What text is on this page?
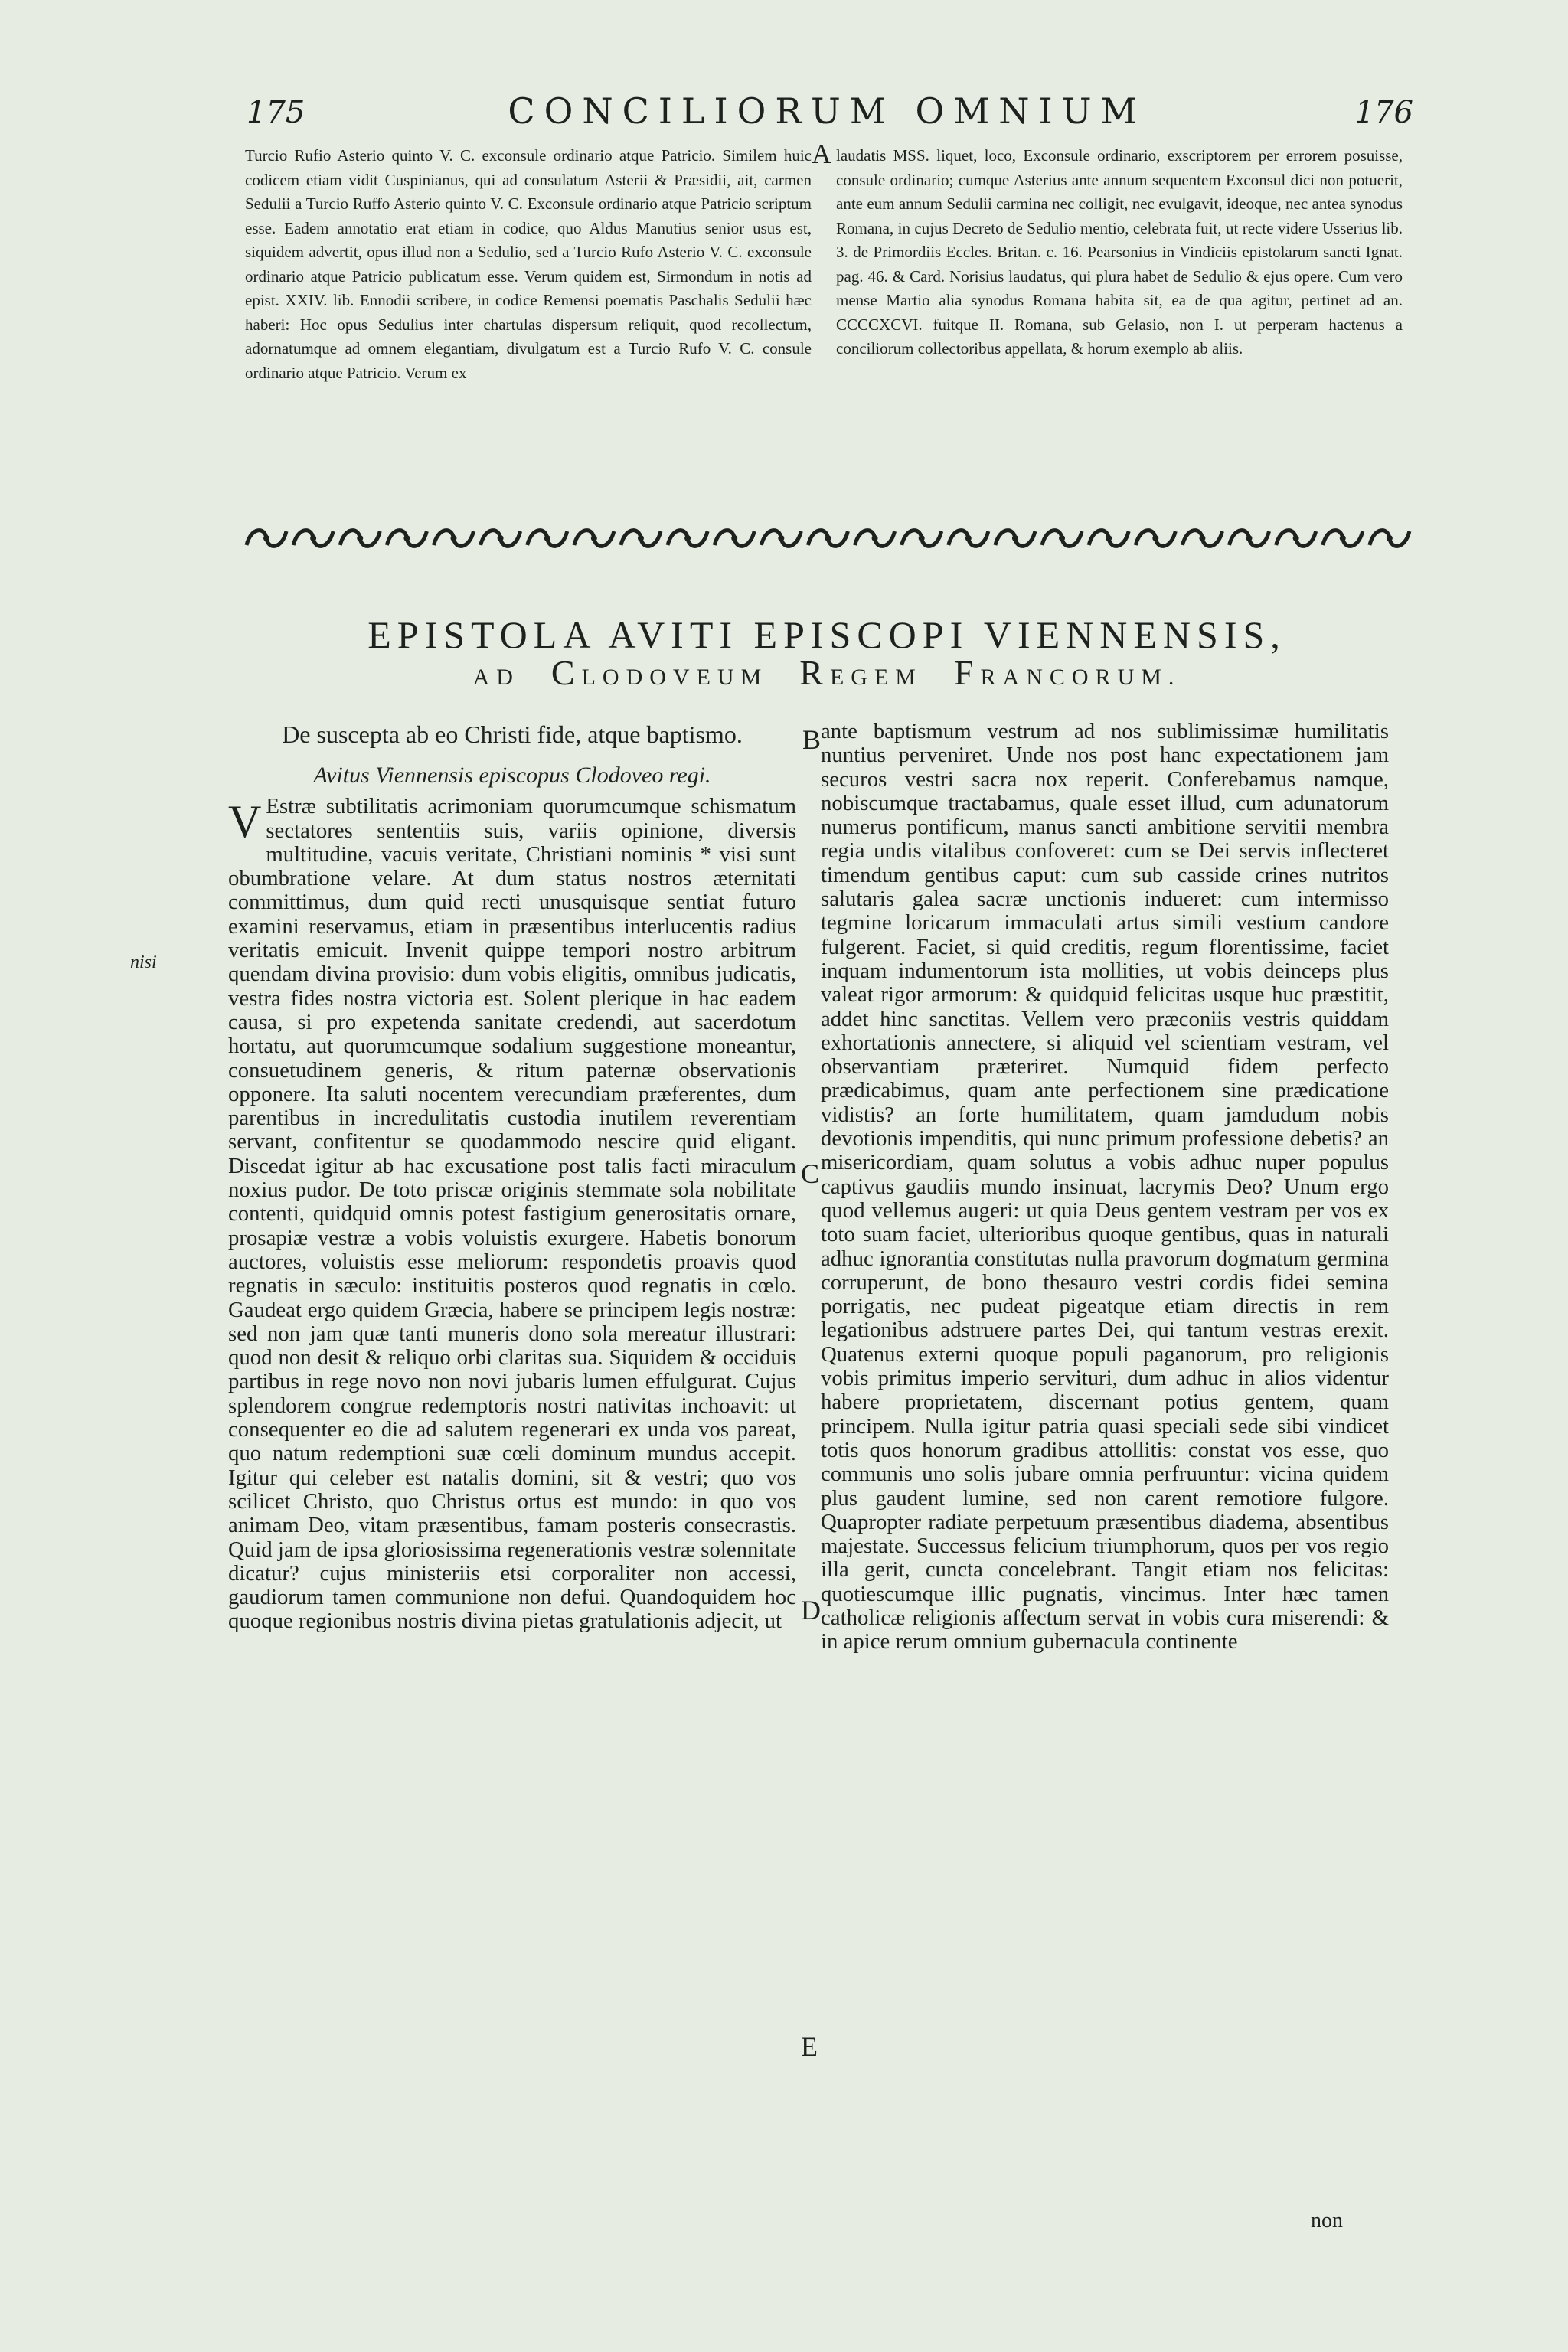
175	CONCILIORUM OMNIUM	176

Turcio Rufio Asterio quinto V. C. exconsule ordinario atque Patricio. Similem huic codicem etiam vidit Cuspinianus, qui ad consulatum Asterii & Præsidii, ait, carmen Sedulii a Turcio Ruffo Asterio quinto V. C. Exconsule ordinario atque Patricio scriptum esse. Eadem annotatio erat etiam in codice, quo Aldus Manutius senior usus est, siquidem advertit, opus illud non a Sedulio, sed a Turcio Rufo Asterio V. C. exconsule ordinario atque Patricio publicatum esse. Verum quidem est, Sirmondum in notis ad epist. XXIV. lib. Ennodii scribere, in codice Remensi poematis Paschalis Sedulii hæc haberi: Hoc opus Sedulius inter chartulas dispersum reliquit, quod recollectum, adornatumque ad omnem elegantiam, divulgatum est a Turcio Rufo V. C. consule ordinario atque Patricio. Verum ex

A laudatis MSS. liquet, loco, Exconsule ordinario, exscriptorem per errorem posuisse, consule ordinario; cumque Asterius ante annum sequentem Exconsul dici non potuerit, ante eum annum Sedulii carmina nec colligit, nec evulgavit, ideoque, nec antea synodus Romana, in cujus Decreto de Sedulio mentio, celebrata fuit, ut recte videre Usserius lib. 3. de Primordiis Eccles. Britan. c. 16. Pearsonius in Vindiciis epistolarum sancti Ignat. pag. 46. & Card. Norisius laudatus, qui plura habet de Sedulio & ejus opere. Cum vero mense Martio alia synodus Romana habita sit, ea de qua agitur, pertinet ad an. CCCCXCVI. fuitque II. Romana, sub Gelasio, non I. ut perperam hactenus a conciliorum collectoribus appellata, & horum exemplo ab aliis.

EPISTOLA AVITI EPISCOPI VIENNENSIS,
AD CLODOVEUM REGEM FRANCORUM.
nisi

De suscepta ab eo Christi fide, atque baptismo.

Avitus Viennensis episcopus Clodoveo regi.

V Estræ subtilitatis acrimoniam quorumcumque schismatum sectatores sententiis suis, variis opinione, diversis multitudine, vacuis veritate, Christiani nominis * visi sunt obumbratione velare. At dum status nostros æternitati committimus, dum quid recti unusquisque sentiat futuro examini reservamus, etiam in præsentibus interlucentis radius veritatis emicuit. Invenit quippe tempori nostro arbitrum quendam divina provisio: dum vobis eligitis, omnibus judicatis, vestra fides nostra victoria est. Solent plerique in hac eadem causa, si pro expetenda sanitate credendi, aut sacerdotum hortatu, aut quorumcumque sodalium suggestione moneantur, consuetudinem generis, & ritum paternæ observationis opponere. Ita saluti nocentem verecundiam præferentes, dum parentibus in incredulitatis custodia inutilem reverentiam servant, confitentur se quodammodo nescire quid eligant. Discedat igitur ab hac excusatione post talis facti miraculum noxius pudor. De toto priscæ originis stemmate sola nobilitate contenti, quidquid omnis potest fastigium generositatis ornare, prosapiæ vestræ a vobis voluistis exurgere. Habetis bonorum auctores, voluistis esse meliorum: respondetis proavis quod regnatis in sæculo: instituitis posteros quod regnatis in cœlo. Gaudeat ergo quidem Græcia, habere se principem legis nostræ: sed non jam quæ tanti muneris dono sola mereatur illustrari: quod non desit & reliquo orbi claritas sua. Siquidem & occiduis partibus in rege novo non novi jubaris lumen effulgurat. Cujus splendorem congrue redemptoris nostri nativitas inchoavit: ut consequenter eo die ad salutem regenerari ex unda vos pareat, quo natum redemptioni suæ cœli dominum mundus accepit. Igitur qui celeber est natalis domini, sit & vestri; quo vos scilicet Christo, quo Christus ortus est mundo: in quo vos animam Deo, vitam præsentibus, famam posteris consecrastis. Quid jam de ipsa gloriosissima regenerationis vestræ solennitate dicatur? cujus ministeriis etsi corporaliter non accessi, gaudiorum tamen communione non defui. Quandoquidem hoc quoque regionibus nostris divina pietas gratulationis adjecit, ut

B
C
D
E

ante baptismum vestrum ad nos sublimissimæ humilitatis nuntius perveniret. Unde nos post hanc expectationem jam securos vestri sacra nox reperit. Conferebamus namque, nobiscumque tractabamus, quale esset illud, cum adunatorum numerus pontificum, manus sancti ambitione servitii membra regia undis vitalibus confoveret: cum se Dei servis inflecteret timendum gentibus caput: cum sub casside crines nutritos salutaris galea sacræ unctionis indueret: cum intermisso tegmine loricarum immaculati artus simili vestium candore fulgerent. Faciet, si quid creditis, regum florentissime, faciet inquam indumentorum ista mollities, ut vobis deinceps plus valeat rigor armorum: & quidquid felicitas usque huc præstitit, addet hinc sanctitas. Vellem vero præconiis vestris quiddam exhortationis annectere, si aliquid vel scientiam vestram, vel observantiam præteriret. Numquid fidem perfecto prædicabimus, quam ante perfectionem sine prædicatione vidistis? an forte humilitatem, quam jamdudum nobis devotionis impenditis, qui nunc primum professione debetis? an misericordiam, quam solutus a vobis adhuc nuper populus captivus gaudiis mundo insinuat, lacrymis Deo? Unum ergo quod vellemus augeri: ut quia Deus gentem vestram per vos ex toto suam faciet, ulterioribus quoque gentibus, quas in naturali adhuc ignorantia constitutas nulla pravorum dogmatum germina corruperunt, de bono thesauro vestri cordis fidei semina porrigatis, nec pudeat pigeatque etiam directis in rem legationibus adstruere partes Dei, qui tantum vestras erexit. Quatenus externi quoque populi paganorum, pro religionis vobis primitus imperio servituri, dum adhuc in alios videntur habere proprietatem, discernant potius gentem, quam principem. Nulla igitur patria quasi speciali sede sibi vindicet totis quos honorum gradibus attollitis: constat vos esse, quo communis uno solis jubare omnia perfruuntur: vicina quidem plus gaudent lumine, sed non carent remotiore fulgore. Quapropter radiate perpetuum præsentibus diadema, absentibus majestate. Successus felicium triumphorum, quos per vos regio illa gerit, cuncta concelebrant. Tangit etiam nos felicitas: quotiescumque illic pugnatis, vincimus. Inter hæc tamen catholicæ religionis affectum servat in vobis cura miserendi: & in apice rerum omnium gubernacula continente

non
